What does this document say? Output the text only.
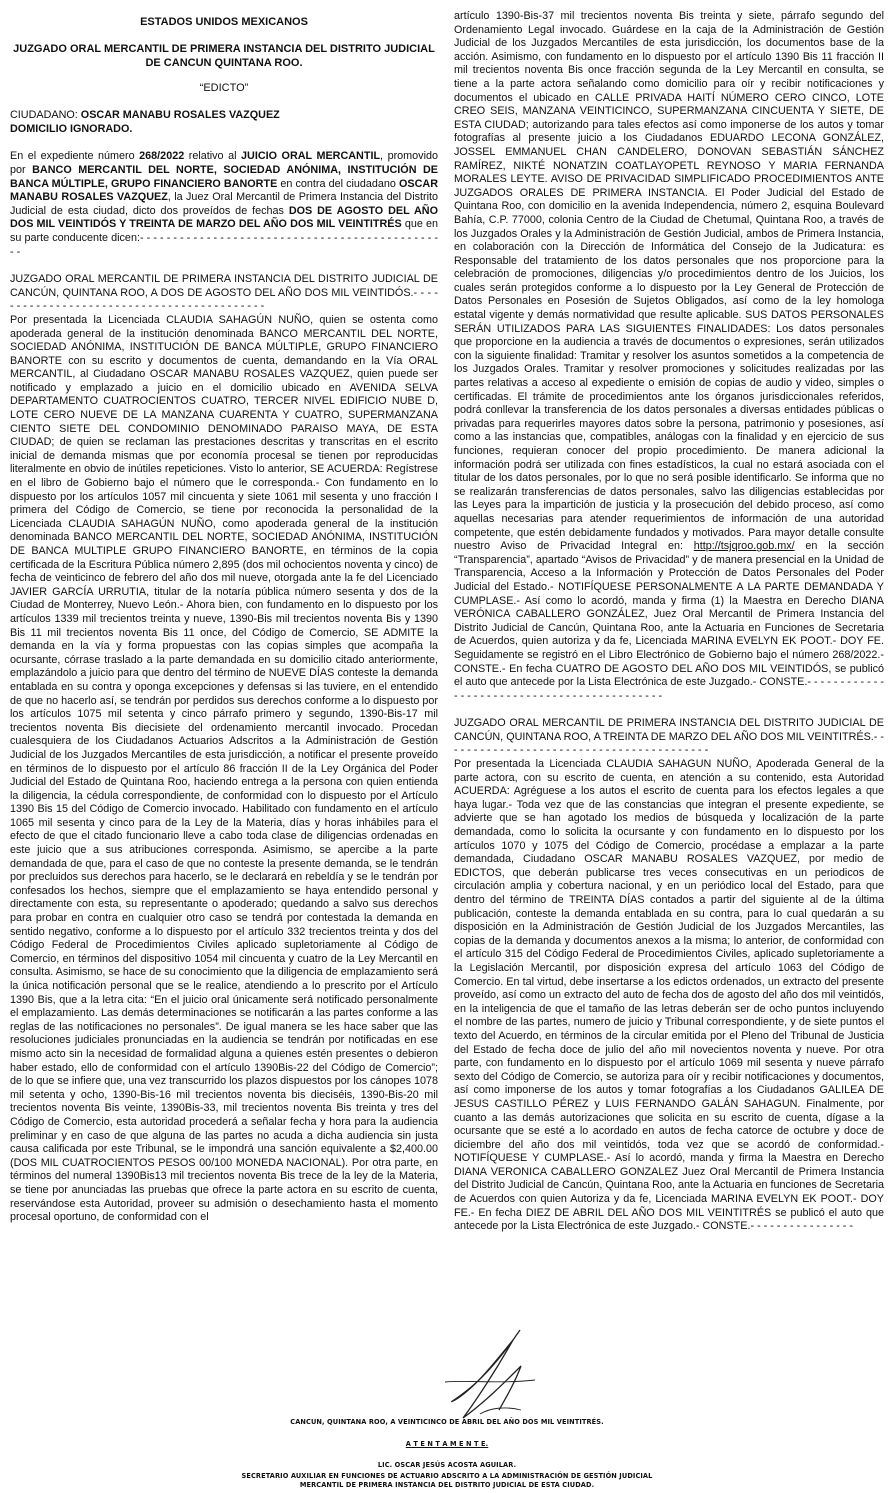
ESTADOS UNIDOS MEXICANOS

JUZGADO ORAL MERCANTIL DE PRIMERA INSTANCIA DEL DISTRITO JUDICIAL DE CANCUN QUINTANA ROO.

“EDICTO”

CIUDADANO: OSCAR MANABU ROSALES VAZQUEZ
DOMICILIO IGNORADO.

En el expediente número 268/2022 relativo al JUICIO ORAL MERCANTIL, promovido por BANCO MERCANTIL DEL NORTE, SOCIEDAD ANÓNIMA, INSTITUCIÓN DE BANCA MÚLTIPLE, GRUPO FINANCIERO BANORTE en contra del ciudadano OSCAR MANABU ROSALES VAZQUEZ, la Juez Oral Mercantil de Primera Instancia del Distrito Judicial de esta ciudad, dicto dos proveídos de fechas DOS DE AGOSTO DEL AÑO DOS MIL VEINTIDÓS Y TREINTA DE MARZO DEL AÑO DOS MIL VEINTITRÉS que en su parte conducente dicen:- - - - - - - - - - - - - - - - - - - - - - - - - - - - - - - - - - - - - - - - - - - - - - -

JUZGADO ORAL MERCANTIL DE PRIMERA INSTANCIA DEL DISTRITO JUDICIAL DE CANCÚN, QUINTANA ROO, A DOS DE AGOSTO DEL AÑO DOS MIL VEINTIDÓS.- - - - - - - - - - - - - - - - - - - - - - - - - - - - - - - - - - - - - - - - - - -

Por presentada la Licenciada CLAUDIA SAHAGÚN NUÑO, quien se ostenta como apoderada general de la institución denominada BANCO MERCANTIL DEL NORTE, SOCIEDAD ANÓNIMA, INSTITUCIÓN DE BANCA MÚLTIPLE, GRUPO FINANCIERO BANORTE con su escrito y documentos de cuenta, demandando en la Vía ORAL MERCANTIL, al Ciudadano OSCAR MANABU ROSALES VAZQUEZ, quien puede ser notificado y emplazado a juicio en el domicilio ubicado en AVENIDA SELVA DEPARTAMENTO CUATROCIENTOS CUATRO, TERCER NIVEL EDIFICIO NUBE D, LOTE CERO NUEVE DE LA MANZANA CUARENTA Y CUATRO, SUPERMANZANA CIENTO SIETE DEL CONDOMINIO DENOMINADO PARAISO MAYA, DE ESTA CIUDAD; de quien se reclaman las prestaciones descritas y transcritas en el escrito inicial de demanda mismas que por economía procesal se tienen por reproducidas literalmente en obvio de inútiles repeticiones. Visto lo anterior, SE ACUERDA: Regístrese en el libro de Gobierno bajo el número que le corresponda.- Con fundamento en lo dispuesto por los artículos 1057 mil cincuenta y siete 1061 mil sesenta y uno fracción I primera del Código de Comercio, se tiene por reconocida la personalidad de la Licenciada CLAUDIA SAHAGÚN NUÑO, como apoderada general de la institución denominada BANCO MERCANTIL DEL NORTE, SOCIEDAD ANÓNIMA, INSTITUCIÓN DE BANCA MULTIPLE GRUPO FINANCIERO BANORTE, en términos de la copia certificada de la Escritura Pública número 2,895 (dos mil ochocientos noventa y cinco) de fecha de veinticinco de febrero del año dos mil nueve, otorgada ante la fe del Licenciado JAVIER GARCÍA URRUTIA, titular de la notaría pública número sesenta y dos de la Ciudad de Monterrey, Nuevo León.- Ahora bien, con fundamento en lo dispuesto por los artículos 1339 mil trecientos treinta y nueve, 1390-Bis mil trecientos noventa Bis y 1390 Bis 11 mil trecientos noventa Bis 11 once, del Código de Comercio, SE ADMITE la demanda en la vía y forma propuestas con las copias simples que acompaña la ocursante, córrase traslado a la parte demandada en su domicilio citado anteriormente, emplazándolo a juicio para que dentro del término de NUEVE DÍAS conteste la demanda entablada en su contra y oponga excepciones y defensas si las tuviere, en el entendido de que no hacerlo así, se tendrán por perdidos sus derechos conforme a lo dispuesto por los artículos 1075 mil setenta y cinco párrafo primero y segundo, 1390-Bis-17 mil trecientos noventa Bis diecisiete del ordenamiento mercantil invocado. Procedan cualesquiera de los Ciudadanos Actuarios Adscritos a la Administración de Gestión Judicial de los Juzgados Mercantiles de esta jurisdicción, a notificar el presente proveído en términos de lo dispuesto por el artículo 86 fracción II de la Ley Orgánica del Poder Judicial del Estado de Quintana Roo, haciendo entrega a la persona con quien entienda la diligencia, la cédula correspondiente, de conformidad con lo dispuesto por el Artículo 1390 Bis 15 del Código de Comercio invocado. Habilitado con fundamento en el artículo 1065 mil sesenta y cinco para de la Ley de la Materia, días y horas inhábiles para el efecto de que el citado funcionario lleve a cabo toda clase de diligencias ordenadas en este juicio que a sus atribuciones corresponda. Asimismo, se apercibe a la parte demandada de que, para el caso de que no conteste la presente demanda, se le tendrán por precluidos sus derechos para hacerlo, se le declarará en rebeldía y se le tendrán por confesados los hechos, siempre que el emplazamiento se haya entendido personal y directamente con esta, su representante o apoderado; quedando a salvo sus derechos para probar en contra en cualquier otro caso se tendrá por contestada la demanda en sentido negativo, conforme a lo dispuesto por el artículo 332 trecientos treinta y dos del Código Federal de Procedimientos Civiles aplicado supletoriamente al Código de Comercio, en términos del dispositivo 1054 mil cincuenta y cuatro de la Ley Mercantil en consulta. Asimismo, se hace de su conocimiento que la diligencia de emplazamiento será la única notificación personal que se le realice, atendiendo a lo prescrito por el Artículo 1390 Bis, que a la letra cita: “En el juicio oral únicamente será notificado personalmente el emplazamiento. Las demás determinaciones se notificarán a las partes conforme a las reglas de las notificaciones no personales”. De igual manera se les hace saber que las resoluciones judiciales pronunciadas en la audiencia se tendrán por notificadas en ese mismo acto sin la necesidad de formalidad alguna a quienes estén presentes o debieron haber estado, ello de conformidad con el artículo 1390Bis-22 del Código de Comercio”; de lo que se infiere que, una vez transcurrido los plazos dispuestos por los cánopes 1078 mil setenta y ocho, 1390-Bis-16 mil trecientos noventa bis dieciséis, 1390-Bis-20 mil trecientos noventa Bis veinte, 1390Bis-33, mil trecientos noventa Bis treinta y tres del Código de Comercio, esta autoridad procederá a señalar fecha y hora para la audiencia preliminar y en caso de que alguna de las partes no acuda a dicha audiencia sin justa causa calificada por este Tribunal, se le impondrá una sanción equivalente a $2,400.00 (DOS MIL CUATROCIENTOS PESOS 00/100 MONEDA NACIONAL). Por otra parte, en términos del numeral 1390Bis13 mil trecientos noventa Bis trece de la ley de la Materia, se tiene por anunciadas las pruebas que ofrece la parte actora en su escrito de cuenta, reservándose esta Autoridad, proveer su admisión o desechamiento hasta el momento procesal oportuno, de conformidad con el

artículo 1390-Bis-37 mil trecientos noventa Bis treinta y siete, párrafo segundo del Ordenamiento Legal invocado. Guárdese en la caja de la Administración de Gestión Judicial de los Juzgados Mercantiles de esta jurisdicción, los documentos base de la acción. Asimismo, con fundamento en lo dispuesto por el artículo 1390 Bis 11 fracción II mil trecientos noventa Bis once fracción segunda de la Ley Mercantil en consulta, se tiene a la parte actora señalando como domicilio para oír y recibir notificaciones y documentos el ubicado en CALLE PRIVADA HAITÍ NÚMERO CERO CINCO, LOTE CREO SEIS, MANZANA VEINTICINCO, SUPERMANZANA CINCUENTA Y SIETE, DE ESTA CIUDAD; autorizando para tales efectos así como imponerse de los autos y tomar fotografías al presente juicio a los Ciudadanos EDUARDO LECONA GONZÁLEZ, JOSSEL EMMANUEL CHAN CANDELERO, DONOVAN SEBASTIÁN SÁNCHEZ RAMÍREZ, NIKTÉ NONATZIN COATLAYOPETL REYNOSO Y MARIA FERNANDA MORALES LEYTE. AVISO DE PRIVACIDAD SIMPLIFICADO PROCEDIMIENTOS ANTE JUZGADOS ORALES DE PRIMERA INSTANCIA. El Poder Judicial del Estado de Quintana Roo, con domicilio en la avenida Independencia, número 2, esquina Boulevard Bahía, C.P. 77000, colonia Centro de la Ciudad de Chetumal, Quintana Roo, a través de los Juzgados Orales y la Administración de Gestión Judicial, ambos de Primera Instancia, en colaboración con la Dirección de Informática del Consejo de la Judicatura: es Responsable del tratamiento de los datos personales que nos proporcione para la celebración de promociones, diligencias y/o procedimientos dentro de los Juicios, los cuales serán protegidos conforme a lo dispuesto por la Ley General de Protección de Datos Personales en Posesión de Sujetos Obligados, así como de la ley homologa estatal vigente y demás normatividad que resulte aplicable. SUS DATOS PERSONALES SERÁN UTILIZADOS PARA LAS SIGUIENTES FINALIDADES: Los datos personales que proporcione en la audiencia a través de documentos o expresiones, serán utilizados con la siguiente finalidad: Tramitar y resolver los asuntos sometidos a la competencia de los Juzgados Orales. Tramitar y resolver promociones y solicitudes realizadas por las partes relativas a acceso al expediente o emisión de copias de audio y video, simples o certificadas. El trámite de procedimientos ante los órganos jurisdiccionales referidos, podrá conllevar la transferencia de los datos personales a diversas entidades públicas o privadas para requerirles mayores datos sobre la persona, patrimonio y posesiones, así como a las instancias que, compatibles, análogas con la finalidad y en ejercicio de sus funciones, requieran conocer del propio procedimiento. De manera adicional la información podrá ser utilizada con fines estadísticos, la cual no estará asociada con el titular de los datos personales, por lo que no será posible identificarlo. Se informa que no se realizarán transferencias de datos personales, salvo las diligencias establecidas por las Leyes para la impartición de justicia y la prosecución del debido proceso, así como aquellas necesarias para atender requerimientos de información de una autoridad competente, que estén debidamente fundados y motivados. Para mayor detalle consulte nuestro Aviso de Privacidad Integral en: http://tsjqroo.gob.mx/ en la sección “Transparencia”, apartado “Avisos de Privacidad” y de manera presencial en la Unidad de Transparencia, Acceso a la Información y Protección de Datos Personales del Poder Judicial del Estado.- NOTIFÍQUESE PERSONALMENTE A LA PARTE DEMANDADA Y CUMPLASE.- Así como lo acordó, manda y firma (1) la Maestra en Derecho DIANA VERÓNICA CABALLERO GONZÁLEZ, Juez Oral Mercantil de Primera Instancia del Distrito Judicial de Cancún, Quintana Roo, ante la Actuaria en Funciones de Secretaria de Acuerdos, quien autoriza y da fe, Licenciada MARINA EVELYN EK POOT.- DOY FE. Seguidamente se registró en el Libro Electrónico de Gobierno bajo el número 268/2022.- CONSTE.- En fecha CUATRO DE AGOSTO DEL AÑO DOS MIL VEINTIDÓS, se publicó el auto que antecede por la Lista Electrónica de este Juzgado.- CONSTE.- - - - - - - - - - - - - - - - - - - - - - - - - - - - - - - - - - - - - - - - - - - -

JUZGADO ORAL MERCANTIL DE PRIMERA INSTANCIA DEL DISTRITO JUDICIAL DE CANCÚN, QUINTANA ROO, A TREINTA DE MARZO DEL AÑO DOS MIL VEINTITRÉS.- - - - - - - - - - - - - - - - - - - - - - - - - - - - - - - - - - - - - - - - -

Por presentada la Licenciada CLAUDIA SAHAGUN NUÑO, Apoderada General de la parte actora, con su escrito de cuenta, en atención a su contenido, esta Autoridad ACUERDA: Agréguese a los autos el escrito de cuenta para los efectos legales a que haya lugar.- Toda vez que de las constancias que integran el presente expediente, se advierte que se han agotado los medios de búsqueda y localización de la parte demandada, como lo solicita la ocursante y con fundamento en lo dispuesto por los artículos 1070 y 1075 del Código de Comercio, procédase a emplazar a la parte demandada, Ciudadano OSCAR MANABU ROSALES VAZQUEZ, por medio de EDICTOS, que deberán publicarse tres veces consecutivas en un periodicos de circulación amplia y cobertura nacional, y en un periódico local del Estado, para que dentro del término de TREINTA DÍAS contados a partir del siguiente al de la última publicación, conteste la demanda entablada en su contra, para lo cual quedarán a su disposición en la Administración de Gestión Judicial de los Juzgados Mercantiles, las copias de la demanda y documentos anexos a la misma; lo anterior, de conformidad con el artículo 315 del Código Federal de Procedimientos Civiles, aplicado supletoriamente a la Legislación Mercantil, por disposición expresa del artículo 1063 del Código de Comercio. En tal virtud, debe insertarse a los edictos ordenados, un extracto del presente proveído, así como un extracto del auto de fecha dos de agosto del año dos mil veintidós, en la inteligencia de que el tamaño de las letras deberán ser de ocho puntos incluyendo el nombre de las partes, numero de juicio y Tribunal correspondiente, y de siete puntos el texto del Acuerdo, en términos de la circular emitida por el Pleno del Tribunal de Justicia del Estado de fecha doce de julio del año mil novecientos noventa y nueve. Por otra parte, con fundamento en lo dispuesto por el artículo 1069 mil sesenta y nueve párrafo sexto del Código de Comercio, se autoriza para oír y recibir notificaciones y documentos, así como imponerse de los autos y tomar fotografías a los Ciudadanos GALILEA DE JESUS CASTILLO PÉREZ y LUIS FERNANDO GALÁN SAHAGUN. Finalmente, por cuanto a las demás autorizaciones que solicita en su escrito de cuenta, dígase a la ocursante que se esté a lo acordado en autos de fecha catorce de octubre y doce de diciembre del año dos mil veintidós, toda vez que se acordó de conformidad.- NOTIFÍQUESE Y CUMPLASE.- Así lo acordó, manda y firma la Maestra en Derecho DIANA VERONICA CABALLERO GONZALEZ Juez Oral Mercantil de Primera Instancia del Distrito Judicial de Cancún, Quintana Roo, ante la Actuaria en funciones de Secretaria de Acuerdos con quien Autoriza y da fe, Licenciada MARINA EVELYN EK POOT.- DOY FE.- En fecha DIEZ DE ABRIL DEL AÑO DOS MIL VEINTITRÉS se publicó el auto que antecede por la Lista Electrónica de este Juzgado.- CONSTE.- - - - - - - - - - - - - - - -

CANCUN, QUINTANA ROO, A VEINTICINCO DE ABRIL DEL AÑO DOS MIL VEINTITRÉS.

A T E N T A M E N T E.

LIC. OSCAR JESÚS ACOSTA AGUILAR.

SECRETARIO AUXILIAR EN FUNCIONES DE ACTUARIO ADSCRITO A LA ADMINISTRACIÓN DE GESTIÓN JUDICIAL

MERCANTIL DE PRIMERA INSTANCIA DEL DISTRITO JUDICIAL DE ESTA CIUDAD.
